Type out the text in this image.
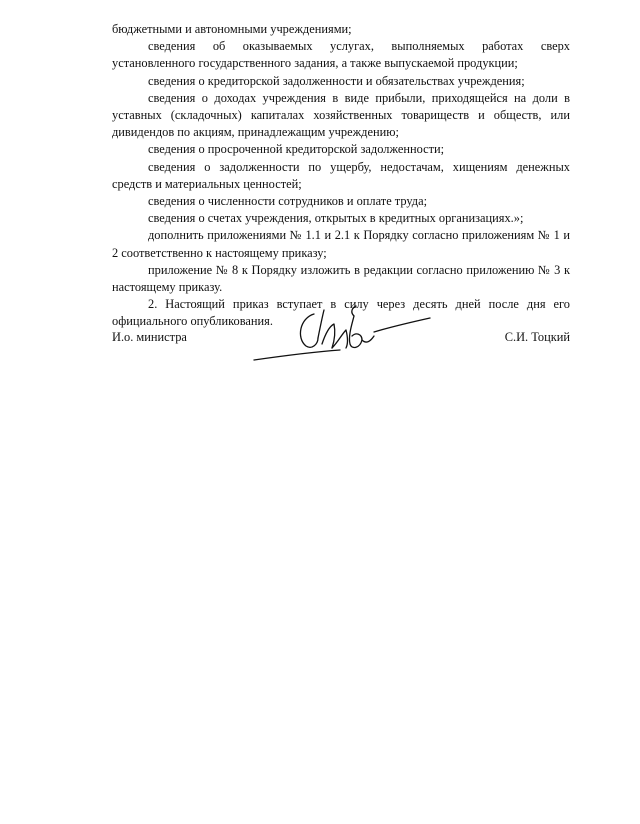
бюджетными и автономными учреждениями;

сведения об оказываемых услугах, выполняемых работах сверх установленного государственного задания, а также выпускаемой продукции;

сведения о кредиторской задолженности и обязательствах учреждения;

сведения о доходах учреждения в виде прибыли, приходящейся на доли в уставных (складочных) капиталах хозяйственных товариществ и обществ, или дивидендов по акциям, принадлежащим учреждению;

сведения о просроченной кредиторской задолженности;

сведения о задолженности по ущербу, недостачам, хищениям денежных средств и материальных ценностей;

сведения о численности сотрудников и оплате труда;

сведения о счетах учреждения, открытых в кредитных организациях.»;

дополнить приложениями № 1.1 и 2.1 к Порядку согласно приложениям № 1 и 2 соответственно к настоящему приказу;

приложение № 8 к Порядку изложить в редакции согласно приложению № 3 к настоящему приказу.

2. Настоящий приказ вступает в силу через десять дней после дня его официального опубликования.

И.о. министра	С.И. Тоцкий
